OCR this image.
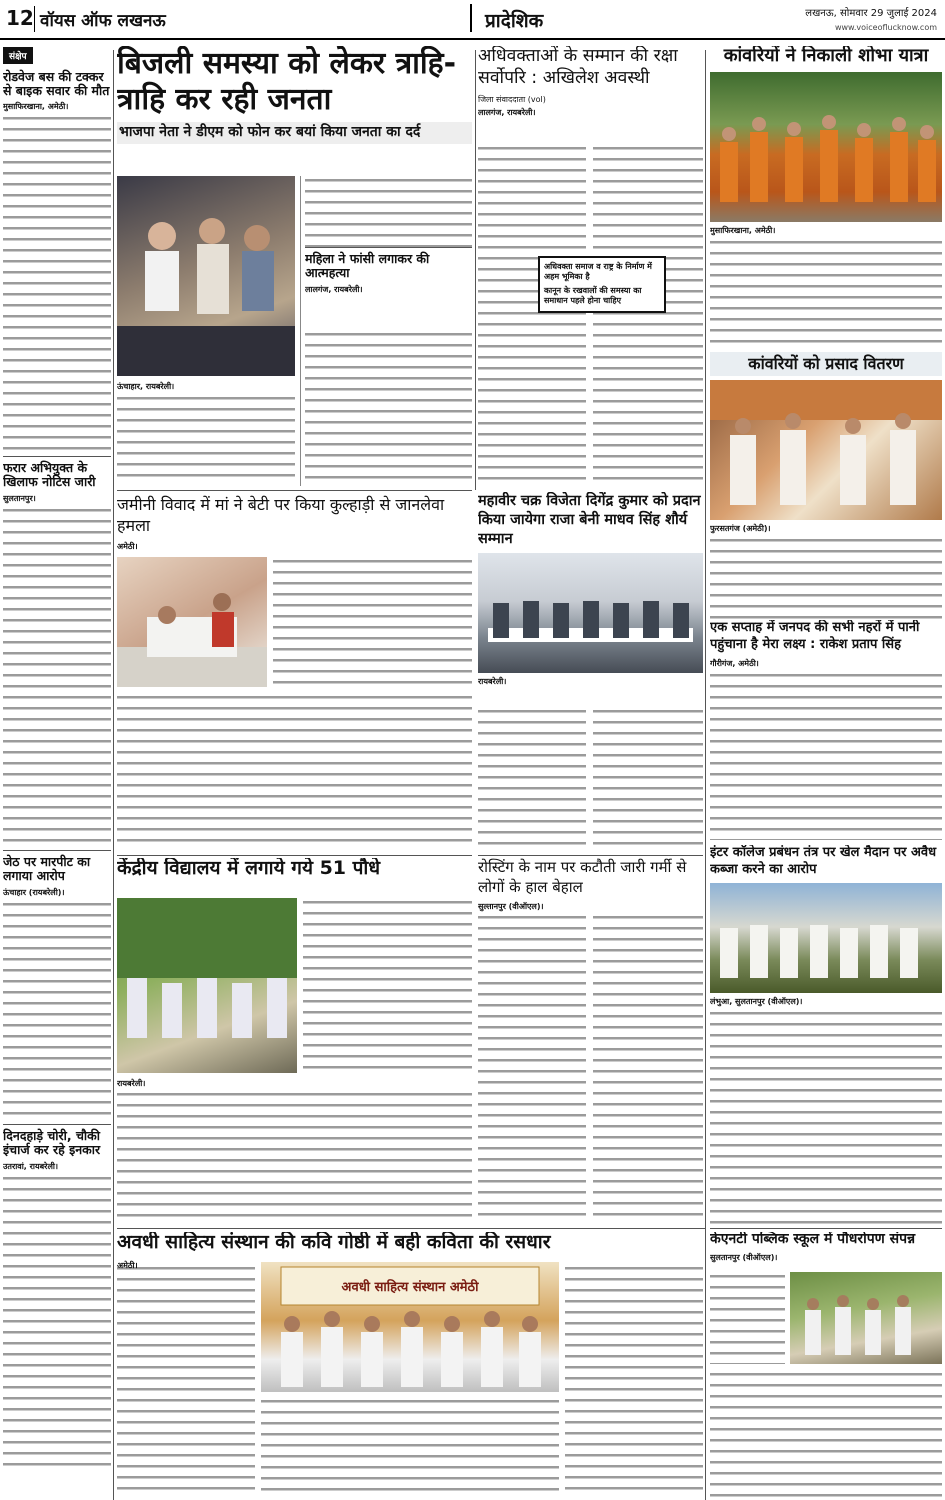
12 वॉयस ऑफ लखनऊ	प्रादेशिक	लखनऊ, सोमवार 29 जुलाई 2024
www.voiceoflucknow.com
संक्षेप
रोडवेज बस की टक्कर से बाइक सवार की मौत
मुसाफिरखाना, अमेठी।
फरार अभियुक्त के खिलाफ नोटिस जारी
सुलतानपुर।
जेठ पर मारपीट का लगाया आरोप
ऊंचाहार (रायबरेली)।
दिनदहाड़े चोरी, चौकी इंचार्ज कर रहे इनकार
उतरावां, रायबरेली।
बिजली समस्या को लेकर त्राहि-त्राहि कर रही जनता
भाजपा नेता ने डीएम को फोन कर बयां किया जनता का दर्द
ऊंचाहार, रायबरेली।
अधिवक्ताओं के सम्मान की रक्षा सर्वोपरि : अखिलेश अवस्थी
जिला संवाददाता (vol)
लालगंज, रायबरेली।
अधिवक्ता समाज व राष्ट्र के निर्माण में अहम भूमिका है
कानून के रखवालों की समस्या का समाधान पहले होना चाहिए
महिला ने फांसी लगाकर की आत्महत्या
लालगंज, रायबरेली।
कांवरियों ने निकाली शोभा यात्रा
मुसाफिरखाना, अमेठी।
कांवरियों को प्रसाद वितरण
फुरसतगंज (अमेठी)।
जमीनी विवाद में मां ने बेटी पर किया कुल्हाड़ी से जानलेवा हमला
अमेठी।
महावीर चक्र विजेता दिगेंद्र कुमार को प्रदान किया जायेगा राजा बेनी माधव सिंह शौर्य सम्मान
रायबरेली।
एक सप्ताह में जनपद की सभी नहरों में पानी पहुंचाना है मेरा लक्ष्य : राकेश प्रताप सिंह
गौरीगंज, अमेठी।
रोस्टिंग के नाम पर कटौती जारी गर्मी से लोगों के हाल बेहाल
सुल्तानपुर (वीऑएल)।
केंद्रीय विद्यालय में लगाये गये 51 पौधे
रायबरेली।
इंटर कॉलेज प्रबंधन तंत्र पर खेल मैदान पर अवैध कब्जा करने का आरोप
लंभुआ, सुलतानपुर (वीऑएल)।
अवधी साहित्य संस्थान की कवि गोष्ठी में बही कविता की रसधार
अमेठी।
अवधी साहित्य संस्थान अमेठी
केएनटी पब्लिक स्कूल में पौधरोपण संपन्न
सुलतानपुर (वीऑएल)।
